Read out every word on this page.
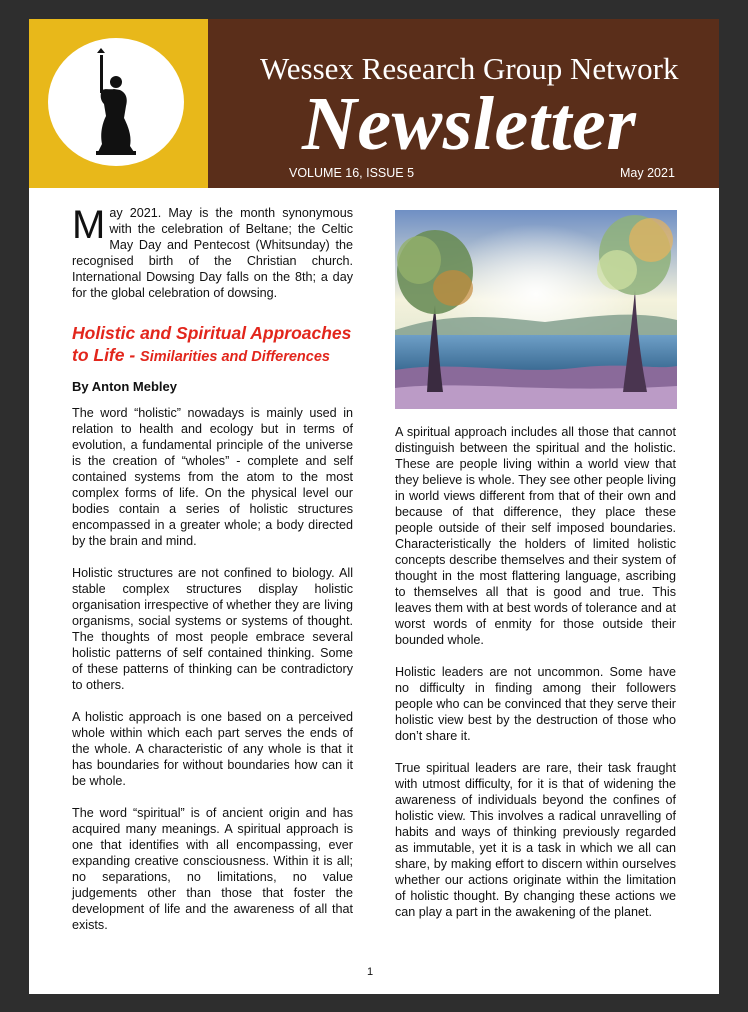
Wessex Research Group Network
Newsletter
VOLUME 16, ISSUE 5	May 2021

May 2021. May is the month synonymous with the celebration of Beltane; the Celtic May Day and Pentecost (Whitsunday) the recognised birth of the Christian church. International Dowsing Day falls on the 8th; a day for the global celebration of dowsing.

Holistic and Spiritual Approaches to Life - Similarities and Differences
By Anton Mebley

The word “holistic” nowadays is mainly used in relation to health and ecology but in terms of evolution, a fundamental principle of the universe is the creation of “wholes” - complete and self contained systems from the atom to the most complex forms of life. On the physical level our bodies contain a series of holistic structures encompassed in a greater whole; a body directed by the brain and mind.

Holistic structures are not confined to biology. All stable complex structures display holistic organisation irrespective of whether they are living organisms, social systems or systems of thought. The thoughts of most people embrace several holistic patterns of self contained thinking. Some of these patterns of thinking can be contradictory to others.

A holistic approach is one based on a perceived whole within which each part serves the ends of the whole. A characteristic of any whole is that it has boundaries for without boundaries how can it be whole.

The word “spiritual” is of ancient origin and has acquired many meanings. A spiritual approach is one that identifies with all encompassing, ever expanding creative consciousness. Within it is all; no separations, no limitations, no value judgements other than those that foster the development of life and the awareness of all that exists.

A spiritual approach includes all those that cannot distinguish between the spiritual and the holistic. These are people living within a world view that they believe is whole. They see other people living in world views different from that of their own and because of that difference, they place these people outside of their self imposed boundaries. Characteristically the holders of limited holistic concepts describe themselves and their system of thought in the most flattering language, ascribing to themselves all that is good and true. This leaves them with at best words of tolerance and at worst words of enmity for those outside their bounded whole.

Holistic leaders are not uncommon. Some have no difficulty in finding among their followers people who can be convinced that they serve their holistic view best by the destruction of those who don’t share it.

True spiritual leaders are rare, their task fraught with utmost difficulty, for it is that of widening the awareness of individuals beyond the confines of holistic view. This involves a radical unravelling of habits and ways of thinking previously regarded as immutable, yet it is a task in which we all can share, by making effort to discern within ourselves whether our actions originate within the limitation of holistic thought. By changing these actions we can play a part in the awakening of the planet.

1
